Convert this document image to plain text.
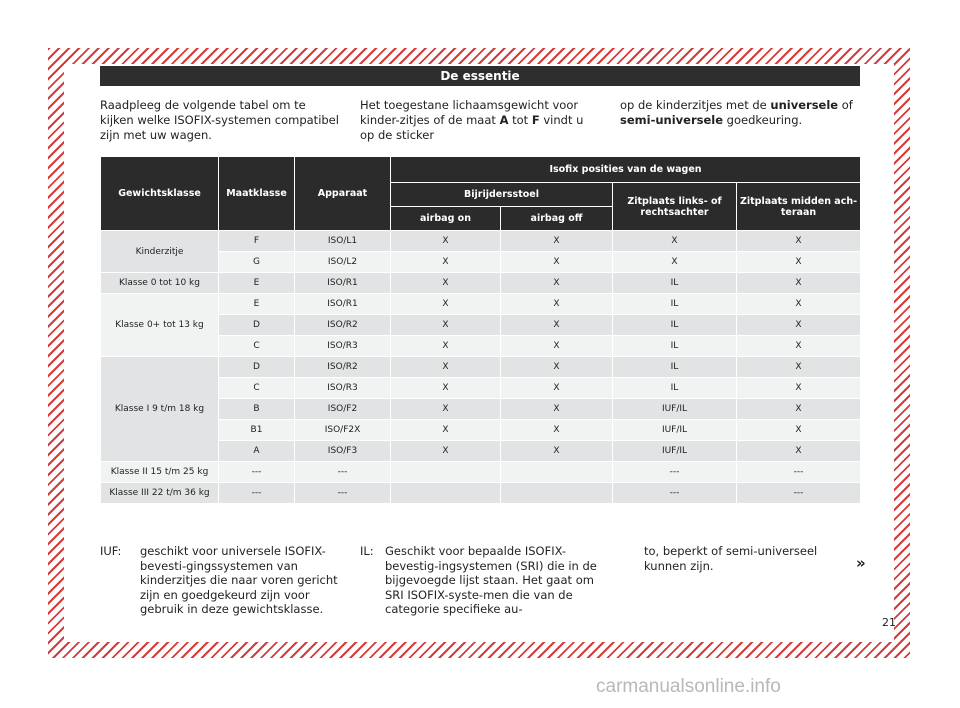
De essentie
Raadpleeg de volgende tabel om te kijken welke ISOFIX-systemen compatibel zijn met uw wagen.
Het toegestane lichaamsgewicht voor kinder-zitjes of de maat A tot F vindt u op de sticker
op de kinderzitjes met de universele of semi-universele goedkeuring.
Gewichtsklasse	Maatklasse	Apparaat	Isofix posities van de wagen			
			Bijrijdersstoel		Zitplaats links- of rechtsachter	Zitplaats midden ach-teraan
			airbag on	airbag off		
Kinderzitje	F	ISO/L1	X	X	X	X
	G	ISO/L2	X	X	X	X
Klasse 0 tot 10 kg	E	ISO/R1	X	X	IL	X
Klasse 0+ tot 13 kg	E	ISO/R1	X	X	IL	X
	D	ISO/R2	X	X	IL	X
	C	ISO/R3	X	X	IL	X
Klasse I 9 t/m 18 kg	D	ISO/R2	X	X	IL	X
	C	ISO/R3	X	X	IL	X
	B	ISO/F2	X	X	IUF/IL	X
	B1	ISO/F2X	X	X	IUF/IL	X
	A	ISO/F3	X	X	IUF/IL	X
Klasse II 15 t/m 25 kg	---	---			---	---
Klasse III 22 t/m 36 kg	---	---			---	---
IUF: geschikt voor universele ISOFIX-bevesti-gingssystemen van kinderzitjes die naar voren gericht zijn en goedgekeurd zijn voor gebruik in deze gewichtsklasse.
IL: Geschikt voor bepaalde ISOFIX-bevestig-ingsystemen (SRI) die in de bijgevoegde lijst staan. Het gaat om SRI ISOFIX-syste-men die van de categorie specifieke au-
to, beperkt of semi-universeel kunnen zijn.	»
21
carmanualsonline.info
